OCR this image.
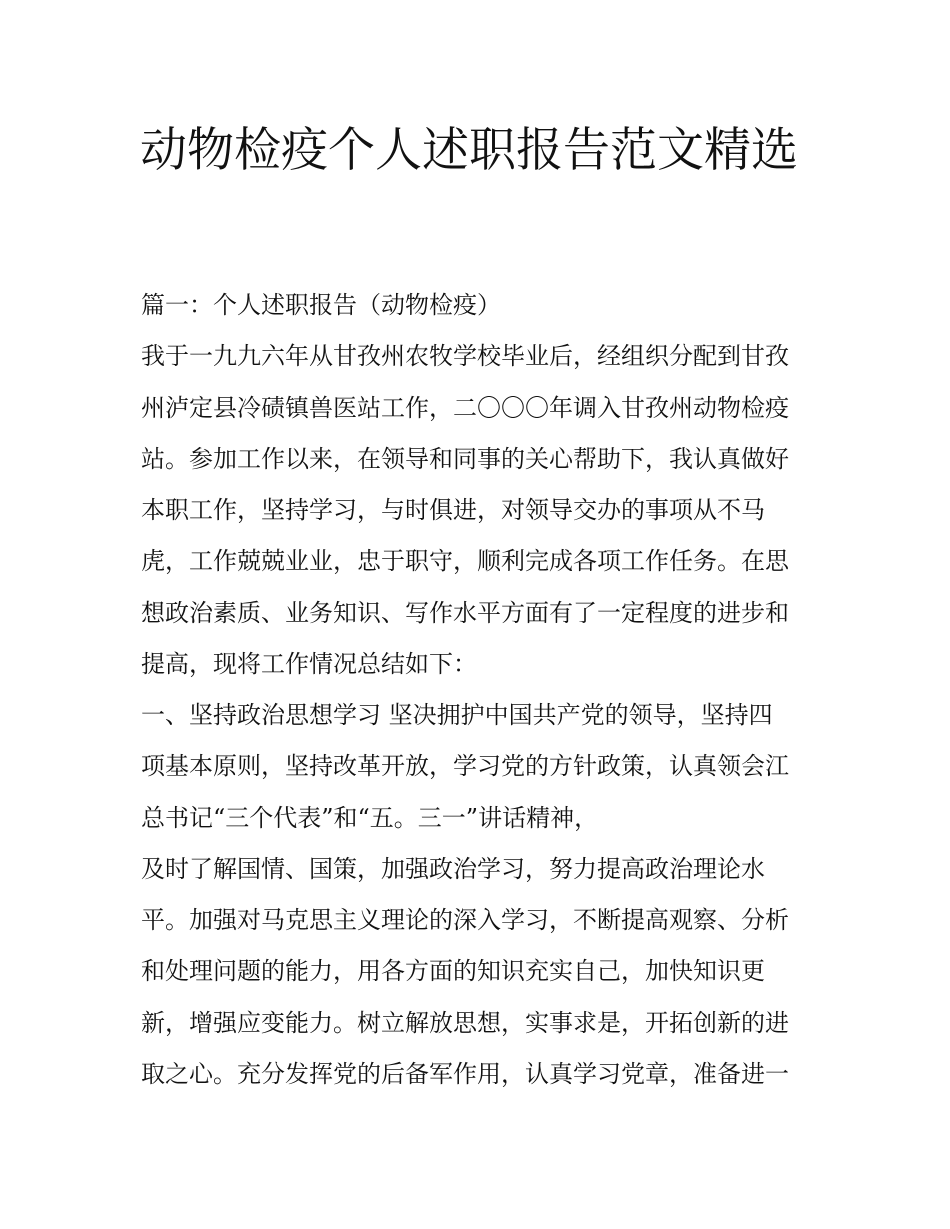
动物检疫个人述职报告范文精选
篇一：个人述职报告（动物检疫）
我于一九九六年从甘孜州农牧学校毕业后，经组织分配到甘孜
州泸定县冷碛镇兽医站工作，二〇〇〇年调入甘孜州动物检疫
站。参加工作以来，在领导和同事的关心帮助下，我认真做好
本职工作，坚持学习，与时俱进，对领导交办的事项从不马
虎，工作兢兢业业，忠于职守，顺利完成各项工作任务。在思
想政治素质、业务知识、写作水平方面有了一定程度的进步和
提高，现将工作情况总结如下：
一、坚持政治思想学习 坚决拥护中国共产党的领导，坚持四
项基本原则，坚持改革开放，学习党的方针政策，认真领会江
总书记“三个代表”和“五。三一”讲话精神，
及时了解国情、国策，加强政治学习，努力提高政治理论水
平。加强对马克思主义理论的深入学习，不断提高观察、分析
和处理问题的能力，用各方面的知识充实自己，加快知识更
新，增强应变能力。树立解放思想，实事求是，开拓创新的进
取之心。充分发挥党的后备军作用，认真学习党章，准备进一
